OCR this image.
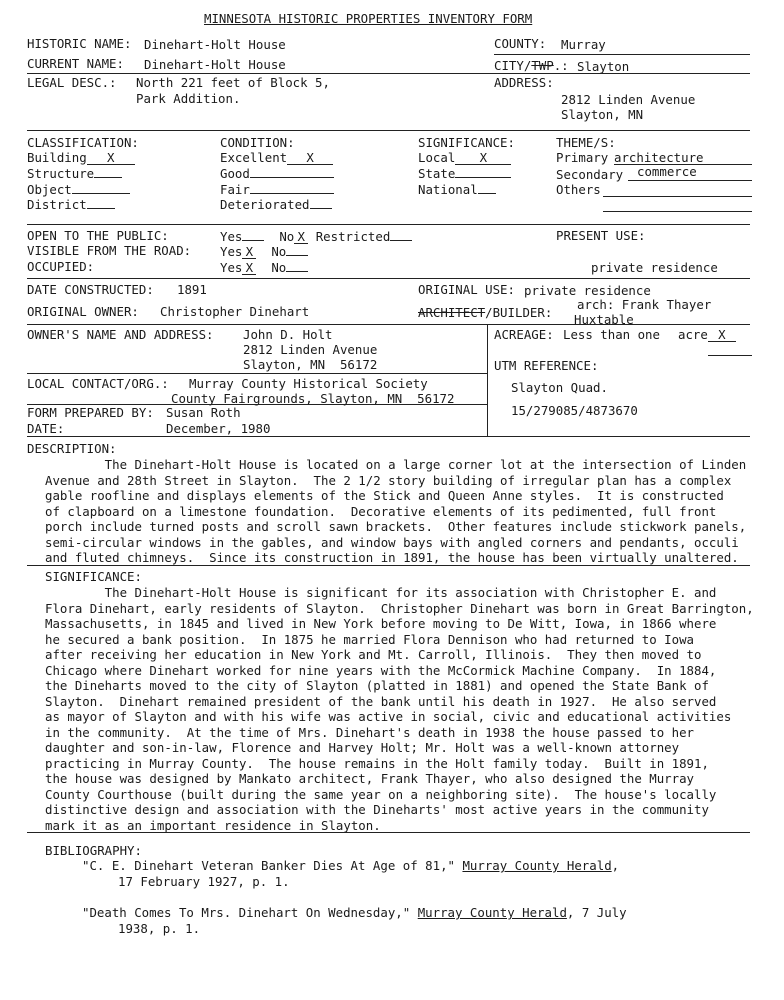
MINNESOTA HISTORIC PROPERTIES INVENTORY FORM
HISTORIC NAME: Dinehart-Holt House	COUNTY: Murray
CURRENT NAME: Dinehart-Holt House	CITY/TWP.: Slayton
LEGAL DESC.: North 221 feet of Block 5,
Park Addition.
ADDRESS:
2812 Linden Avenue
Slayton, MN
CLASSIFICATION:
Building X
Structure
Object
District
CONDITION:
Excellent X
Good
Fair
Deteriorated
SIGNIFICANCE:
Local X
State
National
THEME/S:
Primary architecture
Secondary commerce
Others
OPEN TO THE PUBLIC:	Yes	No X Restricted
VISIBLE FROM THE ROAD: Yes X No
OCCUPIED:	Yes X No
PRESENT USE:
private residence
DATE CONSTRUCTED: 1891	ORIGINAL USE: private residence
ORIGINAL OWNER: Christopher Dinehart	ARCHITECT/BUILDER:
arch: Frank Thayer
Huxtable
OWNER'S NAME AND ADDRESS: John D. Holt
2812 Linden Avenue
Slayton, MN  56172
ACREAGE: Less than one acre X
UTM REFERENCE:
Slayton Quad.
15/279085/4873670
LOCAL CONTACT/ORG.: Murray County Historical Society
County Fairgrounds, Slayton, MN  56172
FORM PREPARED BY: Susan Roth
DATE:	December, 1980
DESCRIPTION:
The Dinehart-Holt House is located on a large corner lot at the intersection of Linden
Avenue and 28th Street in Slayton.  The 2 1/2 story building of irregular plan has a complex
gable roofline and displays elements of the Stick and Queen Anne styles.  It is constructed
of clapboard on a limestone foundation.  Decorative elements of its pedimented, full front
porch include turned posts and scroll sawn brackets.  Other features include stickwork panels,
semi-circular windows in the gables, and window bays with angled corners and pendants, occuli
and fluted chimneys.  Since its construction in 1891, the house has been virtually unaltered.
SIGNIFICANCE:
The Dinehart-Holt House is significant for its association with Christopher E. and
Flora Dinehart, early residents of Slayton.  Christopher Dinehart was born in Great Barrington,
Massachusetts, in 1845 and lived in New York before moving to De Witt, Iowa, in 1866 where
he secured a bank position.  In 1875 he married Flora Dennison who had returned to Iowa
after receiving her education in New York and Mt. Carroll, Illinois.  They then moved to
Chicago where Dinehart worked for nine years with the McCormick Machine Company.  In 1884,
the Dineharts moved to the city of Slayton (platted in 1881) and opened the State Bank of
Slayton.  Dinehart remained president of the bank until his death in 1927.  He also served
as mayor of Slayton and with his wife was active in social, civic and educational activities
in the community.  At the time of Mrs. Dinehart's death in 1938 the house passed to her
daughter and son-in-law, Florence and Harvey Holt; Mr. Holt was a well-known attorney
practicing in Murray County.  The house remains in the Holt family today.  Built in 1891,
the house was designed by Mankato architect, Frank Thayer, who also designed the Murray
County Courthouse (built during the same year on a neighboring site).  The house's locally
distinctive design and association with the Dineharts' most active years in the community
mark it as an important residence in Slayton.
BIBLIOGRAPHY:
"C. E. Dinehart Veteran Banker Dies At Age of 81," Murray County Herald,
17 February 1927, p. 1.
"Death Comes To Mrs. Dinehart On Wednesday," Murray County Herald, 7 July
1938, p. 1.
